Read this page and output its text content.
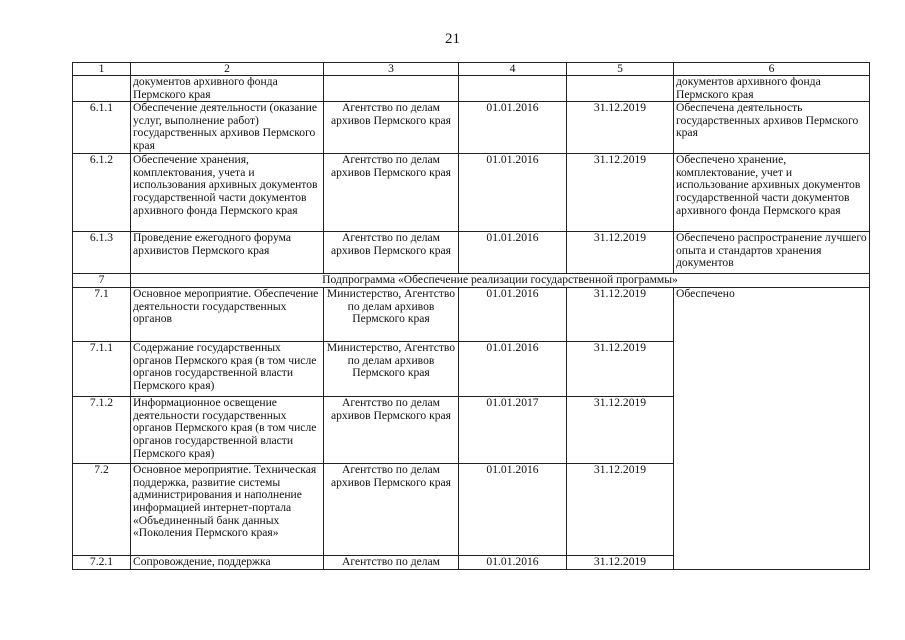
21
1	2	3	4	5	6
	документов архивного фонда Пермского края				документов архивного фонда Пермского края
6.1.1	Обеспечение деятельности (оказание услуг, выполнение работ) государственных архивов Пермского края	Агентство по делам архивов Пермского края	01.01.2016	31.12.2019	Обеспечена деятельность государственных архивов Пермского края
6.1.2	Обеспечение хранения, комплектования, учета и использования архивных документов государственной части документов архивного фонда Пермского края	Агентство по делам архивов Пермского края	01.01.2016	31.12.2019	Обеспечено хранение, комплектование, учет и использование архивных документов государственной части документов архивного фонда Пермского края
6.1.3	Проведение ежегодного форума архивистов Пермского края	Агентство по делам архивов Пермского края	01.01.2016	31.12.2019	Обеспечено распространение лучшего опыта и стандартов хранения документов
7	Подпрограмма «Обеспечение реализации государственной программы»				
7.1	Основное мероприятие. Обеспечение деятельности государственных органов	Министерство, Агентство по делам архивов Пермского края	01.01.2016	31.12.2019	Обеспечено
7.1.1	Содержание государственных органов Пермского края (в том числе органов государственной власти Пермского края)	Министерство, Агентство по делам архивов Пермского края	01.01.2016	31.12.2019	
7.1.2	Информационное освещение деятельности государственных органов Пермского края (в том числе органов государственной власти Пермского края)	Агентство по делам архивов Пермского края	01.01.2017	31.12.2019	
7.2	Основное мероприятие. Техническая поддержка, развитие системы администрирования и наполнение информацией интернет-портала «Объединенный банк данных «Поколения Пермского края»	Агентство по делам архивов Пермского края	01.01.2016	31.12.2019	
7.2.1	Сопровождение, поддержка	Агентство по делам	01.01.2016	31.12.2019	
